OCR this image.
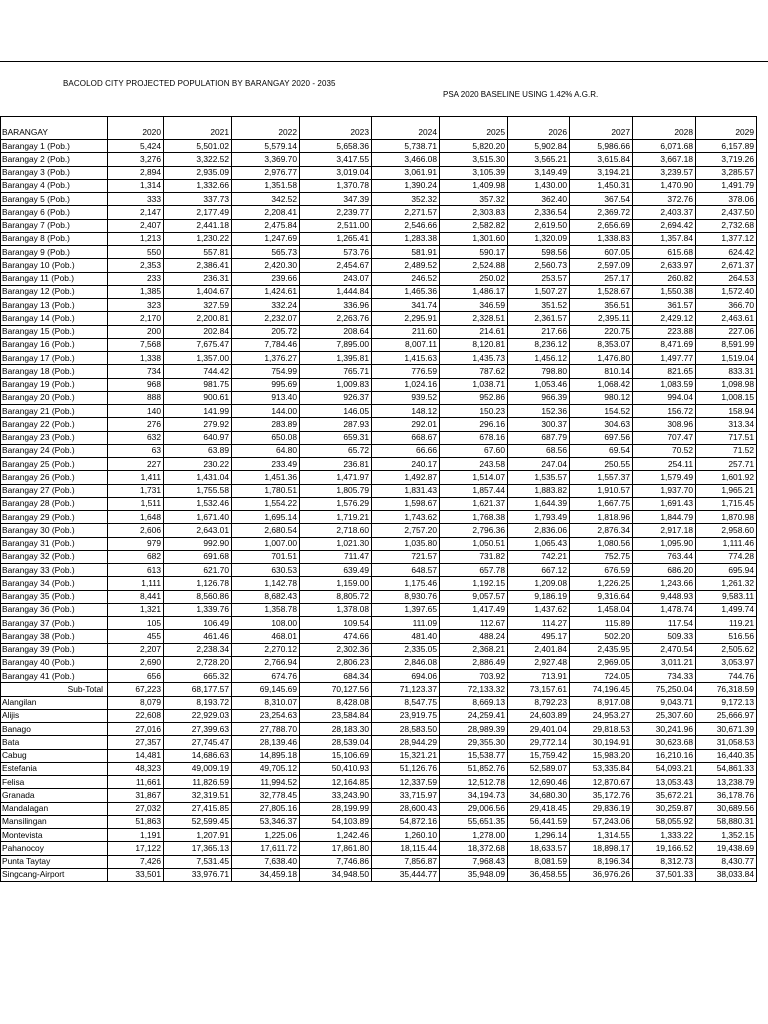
BACOLOD CITY PROJECTED POPULATION BY BARANGAY 2020 - 2035
PSA 2020 BASELINE USING 1.42% A.G.R.
BARANGAY	2020	2021	2022	2023	2024	2025	2026	2027	2028	2029
Barangay 1 (Pob.)	5,424	5,501.02	5,579.14	5,658.36	5,738.71	5,820.20	5,902.84	5,986.66	6,071.68	6,157.89
Barangay 2 (Pob.)	3,276	3,322.52	3,369.70	3,417.55	3,466.08	3,515.30	3,565.21	3,615.84	3,667.18	3,719.26
Barangay 3 (Pob.)	2,894	2,935.09	2,976.77	3,019.04	3,061.91	3,105.39	3,149.49	3,194.21	3,239.57	3,285.57
Barangay 4 (Pob.)	1,314	1,332.66	1,351.58	1,370.78	1,390.24	1,409.98	1,430.00	1,450.31	1,470.90	1,491.79
Barangay 5 (Pob.)	333	337.73	342.52	347.39	352.32	357.32	362.40	367.54	372.76	378.06
Barangay 6 (Pob.)	2,147	2,177.49	2,208.41	2,239.77	2,271.57	2,303.83	2,336.54	2,369.72	2,403.37	2,437.50
Barangay 7 (Pob.)	2,407	2,441.18	2,475.84	2,511.00	2,546.66	2,582.82	2,619.50	2,656.69	2,694.42	2,732.68
Barangay 8 (Pob.)	1,213	1,230.22	1,247.69	1,265.41	1,283.38	1,301.60	1,320.09	1,338.83	1,357.84	1,377.12
Barangay 9 (Pob.)	550	557.81	565.73	573.76	581.91	590.17	598.56	607.05	615.68	624.42
Barangay 10 (Pob.)	2,353	2,386.41	2,420.30	2,454.67	2,489.52	2,524.88	2,560.73	2,597.09	2,633.97	2,671.37
Barangay 11 (Pob.)	233	236.31	239.66	243.07	246.52	250.02	253.57	257.17	260.82	264.53
Barangay 12 (Pob.)	1,385	1,404.67	1,424.61	1,444.84	1,465.36	1,486.17	1,507.27	1,528.67	1,550.38	1,572.40
Barangay 13 (Pob.)	323	327.59	332.24	336.96	341.74	346.59	351.52	356.51	361.57	366.70
Barangay 14 (Pob.)	2,170	2,200.81	2,232.07	2,263.76	2,295.91	2,328.51	2,361.57	2,395.11	2,429.12	2,463.61
Barangay 15 (Pob.)	200	202.84	205.72	208.64	211.60	214.61	217.66	220.75	223.88	227.06
Barangay 16 (Pob.)	7,568	7,675.47	7,784.46	7,895.00	8,007.11	8,120.81	8,236.12	8,353.07	8,471.69	8,591.99
Barangay 17 (Pob.)	1,338	1,357.00	1,376.27	1,395.81	1,415.63	1,435.73	1,456.12	1,476.80	1,497.77	1,519.04
Barangay 18 (Pob.)	734	744.42	754.99	765.71	776.59	787.62	798.80	810.14	821.65	833.31
Barangay 19 (Pob.)	968	981.75	995.69	1,009.83	1,024.16	1,038.71	1,053.46	1,068.42	1,083.59	1,098.98
Barangay 20 (Pob.)	888	900.61	913.40	926.37	939.52	952.86	966.39	980.12	994.04	1,008.15
Barangay 21 (Pob.)	140	141.99	144.00	146.05	148.12	150.23	152.36	154.52	156.72	158.94
Barangay 22 (Pob.)	276	279.92	283.89	287.93	292.01	296.16	300.37	304.63	308.96	313.34
Barangay 23 (Pob.)	632	640.97	650.08	659.31	668.67	678.16	687.79	697.56	707.47	717.51
Barangay 24 (Pob.)	63	63.89	64.80	65.72	66.66	67.60	68.56	69.54	70.52	71.52
Barangay 25 (Pob.)	227	230.22	233.49	236.81	240.17	243.58	247.04	250.55	254.11	257.71
Barangay 26 (Pob.)	1,411	1,431.04	1,451.36	1,471.97	1,492.87	1,514.07	1,535.57	1,557.37	1,579.49	1,601.92
Barangay 27 (Pob.)	1,731	1,755.58	1,780.51	1,805.79	1,831.43	1,857.44	1,883.82	1,910.57	1,937.70	1,965.21
Barangay 28 (Pob.)	1,511	1,532.46	1,554.22	1,576.29	1,598.67	1,621.37	1,644.39	1,667.75	1,691.43	1,715.45
Barangay 29 (Pob.)	1,648	1,671.40	1,695.14	1,719.21	1,743.62	1,768.38	1,793.49	1,818.96	1,844.79	1,870.98
Barangay 30 (Pob.)	2,606	2,643.01	2,680.54	2,718.60	2,757.20	2,796.36	2,836.06	2,876.34	2,917.18	2,958.60
Barangay 31 (Pob.)	979	992.90	1,007.00	1,021.30	1,035.80	1,050.51	1,065.43	1,080.56	1,095.90	1,111.46
Barangay 32 (Pob.)	682	691.68	701.51	711.47	721.57	731.82	742.21	752.75	763.44	774.28
Barangay 33 (Pob.)	613	621.70	630.53	639.49	648.57	657.78	667.12	676.59	686.20	695.94
Barangay 34 (Pob.)	1,111	1,126.78	1,142.78	1,159.00	1,175.46	1,192.15	1,209.08	1,226.25	1,243.66	1,261.32
Barangay 35 (Pob.)	8,441	8,560.86	8,682.43	8,805.72	8,930.76	9,057.57	9,186.19	9,316.64	9,448.93	9,583.11
Barangay 36 (Pob.)	1,321	1,339.76	1,358.78	1,378.08	1,397.65	1,417.49	1,437.62	1,458.04	1,478.74	1,499.74
Barangay 37 (Pob.)	105	106.49	108.00	109.54	111.09	112.67	114.27	115.89	117.54	119.21
Barangay 38 (Pob.)	455	461.46	468.01	474.66	481.40	488.24	495.17	502.20	509.33	516.56
Barangay 39 (Pob.)	2,207	2,238.34	2,270.12	2,302.36	2,335.05	2,368.21	2,401.84	2,435.95	2,470.54	2,505.62
Barangay 40 (Pob.)	2,690	2,728.20	2,766.94	2,806.23	2,846.08	2,886.49	2,927.48	2,969.05	3,011.21	3,053.97
Barangay 41 (Pob.)	656	665.32	674.76	684.34	694.06	703.92	713.91	724.05	734.33	744.76
Sub-Total	67,223	68,177.57	69,145.69	70,127.56	71,123.37	72,133.32	73,157.61	74,196.45	75,250.04	76,318.59
Alangilan	8,079	8,193.72	8,310.07	8,428.08	8,547.75	8,669.13	8,792.23	8,917.08	9,043.71	9,172.13
Alijis	22,608	22,929.03	23,254.63	23,584.84	23,919.75	24,259.41	24,603.89	24,953.27	25,307.60	25,666.97
Banago	27,016	27,399.63	27,788.70	28,183.30	28,583.50	28,989.39	29,401.04	29,818.53	30,241.96	30,671.39
Bata	27,357	27,745.47	28,139.46	28,539.04	28,944.29	29,355.30	29,772.14	30,194.91	30,623.68	31,058.53
Cabug	14,481	14,686.63	14,895.18	15,106.69	15,321.21	15,538.77	15,759.42	15,983.20	16,210.16	16,440.35
Estefania	48,323	49,009.19	49,705.12	50,410.93	51,126.76	51,852.76	52,589.07	53,335.84	54,093.21	54,861.33
Felisa	11,661	11,826.59	11,994.52	12,164.85	12,337.59	12,512.78	12,690.46	12,870.67	13,053.43	13,238.79
Granada	31,867	32,319.51	32,778.45	33,243.90	33,715.97	34,194.73	34,680.30	35,172.76	35,672.21	36,178.76
Mandalagan	27,032	27,415.85	27,805.16	28,199.99	28,600.43	29,006.56	29,418.45	29,836.19	30,259.87	30,689.56
Mansilingan	51,863	52,599.45	53,346.37	54,103.89	54,872.16	55,651.35	56,441.59	57,243.06	58,055.92	58,880.31
Montevista	1,191	1,207.91	1,225.06	1,242.46	1,260.10	1,278.00	1,296.14	1,314.55	1,333.22	1,352.15
Pahanocoy	17,122	17,365.13	17,611.72	17,861.80	18,115.44	18,372.68	18,633.57	18,898.17	19,166.52	19,438.69
Punta Taytay	7,426	7,531.45	7,638.40	7,746.86	7,856.87	7,968.43	8,081.59	8,196.34	8,312.73	8,430.77
Singcang-Airport	33,501	33,976.71	34,459.18	34,948.50	35,444.77	35,948.09	36,458.55	36,976.26	37,501.33	38,033.84
